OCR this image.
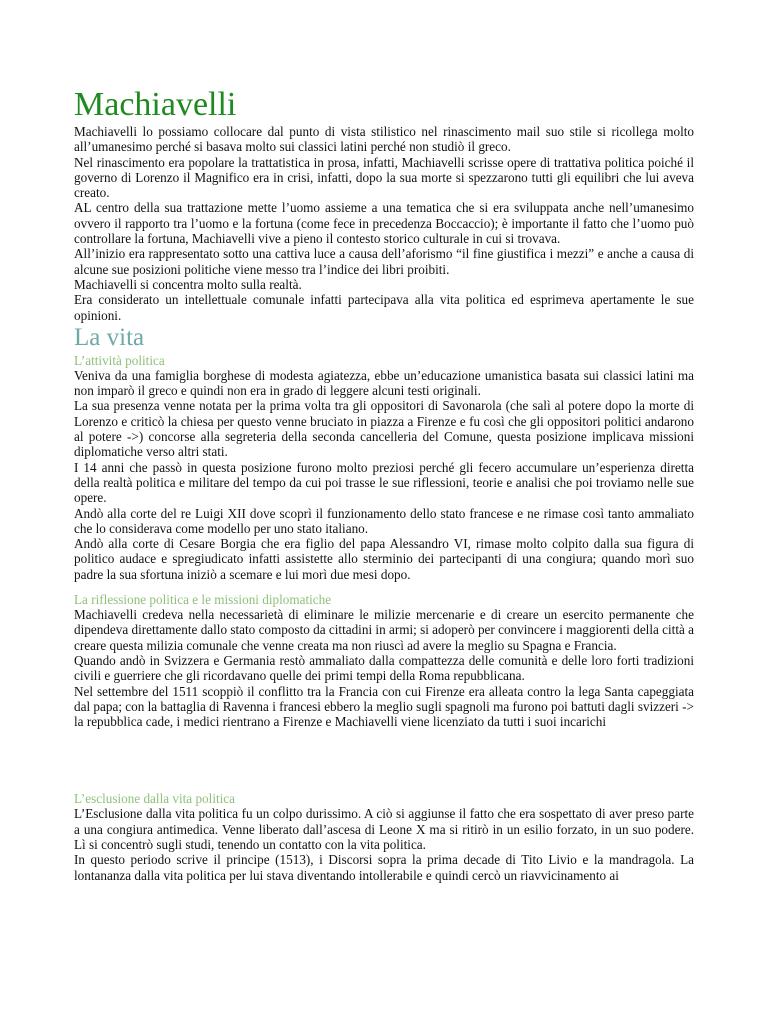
Machiavelli

Machiavelli lo possiamo collocare dal punto di vista stilistico nel rinascimento mail suo stile si ricollega molto all’umanesimo perché si basava molto sui classici latini perché non studiò il greco.

Nel rinascimento era popolare la trattatistica in prosa, infatti, Machiavelli scrisse opere di trattativa politica poiché il governo di Lorenzo il Magnifico era in crisi, infatti, dopo la sua morte si spezzarono tutti gli equilibri che lui aveva creato.

AL centro della sua trattazione mette l’uomo assieme a una tematica che si era sviluppata anche nell’umanesimo ovvero il rapporto tra l’uomo e la fortuna (come fece in precedenza Boccaccio); è importante il fatto che l’uomo può controllare la fortuna, Machiavelli vive a pieno il contesto storico culturale in cui si trovava.

All’inizio era rappresentato sotto una cattiva luce a causa dell’aforismo “il fine giustifica i mezzi” e anche a causa di alcune sue posizioni politiche viene messo tra l’indice dei libri proibiti.

Machiavelli si concentra molto sulla realtà.

Era considerato un intellettuale comunale infatti partecipava alla vita politica ed esprimeva apertamente le sue opinioni.

La vita
L’attività politica

Veniva da una famiglia borghese di modesta agiatezza, ebbe un’educazione umanistica basata sui classici latini ma non imparò il greco e quindi non era in grado di leggere alcuni testi originali.

La sua presenza venne notata per la prima volta tra gli oppositori di Savonarola (che salì al potere dopo la morte di Lorenzo e criticò la chiesa per questo venne bruciato in piazza a Firenze e fu così che gli oppositori politici andarono al potere ->) concorse alla segreteria della seconda cancelleria del Comune, questa posizione implicava missioni diplomatiche verso altri stati.

I 14 anni che passò in questa posizione furono molto preziosi perché gli fecero accumulare un’esperienza diretta della realtà politica e militare del tempo da cui poi trasse le sue riflessioni, teorie e analisi che poi troviamo nelle sue opere.

Andò alla corte del re Luigi XII dove scoprì il funzionamento dello stato francese e ne rimase così tanto ammaliato che lo considerava come modello per uno stato italiano.

Andò alla corte di Cesare Borgia che era figlio del papa Alessandro VI, rimase molto colpito dalla sua figura di politico audace e spregiudicato infatti assistette allo sterminio dei partecipanti di una congiura; quando morì suo padre la sua sfortuna iniziò a scemare e lui morì due mesi dopo.

La riflessione politica e le missioni diplomatiche

Machiavelli credeva nella necessarietà di eliminare le milizie mercenarie e di creare un esercito permanente che dipendeva direttamente dallo stato composto da cittadini in armi; si adoperò per convincere i maggiorenti della città a creare questa milizia comunale che venne creata ma non riuscì ad avere la meglio su Spagna e Francia.

Quando andò in Svizzera e Germania restò ammaliato dalla compattezza delle comunità e delle loro forti tradizioni civili e guerriere che gli ricordavano quelle dei primi tempi della Roma repubblicana.

Nel settembre del 1511 scoppiò il conflitto tra la Francia con cui Firenze era alleata contro la lega Santa capeggiata dal papa; con la battaglia di Ravenna i francesi ebbero la meglio sugli spagnoli ma furono poi battuti dagli svizzeri -> la repubblica cade, i medici rientrano a Firenze e Machiavelli viene licenziato da tutti i suoi incarichi

L’esclusione dalla vita politica

L’Esclusione dalla vita politica fu un colpo durissimo. A ciò si aggiunse il fatto che era sospettato di aver preso parte a una congiura antimedica. Venne liberato dall’ascesa di Leone X ma si ritirò in un esilio forzato, in un suo podere. Lì si concentrò sugli studi, tenendo un contatto con la vita politica.

In questo periodo scrive il principe (1513), i Discorsi sopra la prima decade di Tito Livio e la mandragola. La lontananza dalla vita politica per lui stava diventando intollerabile e quindi cercò un riavvicinamento ai
